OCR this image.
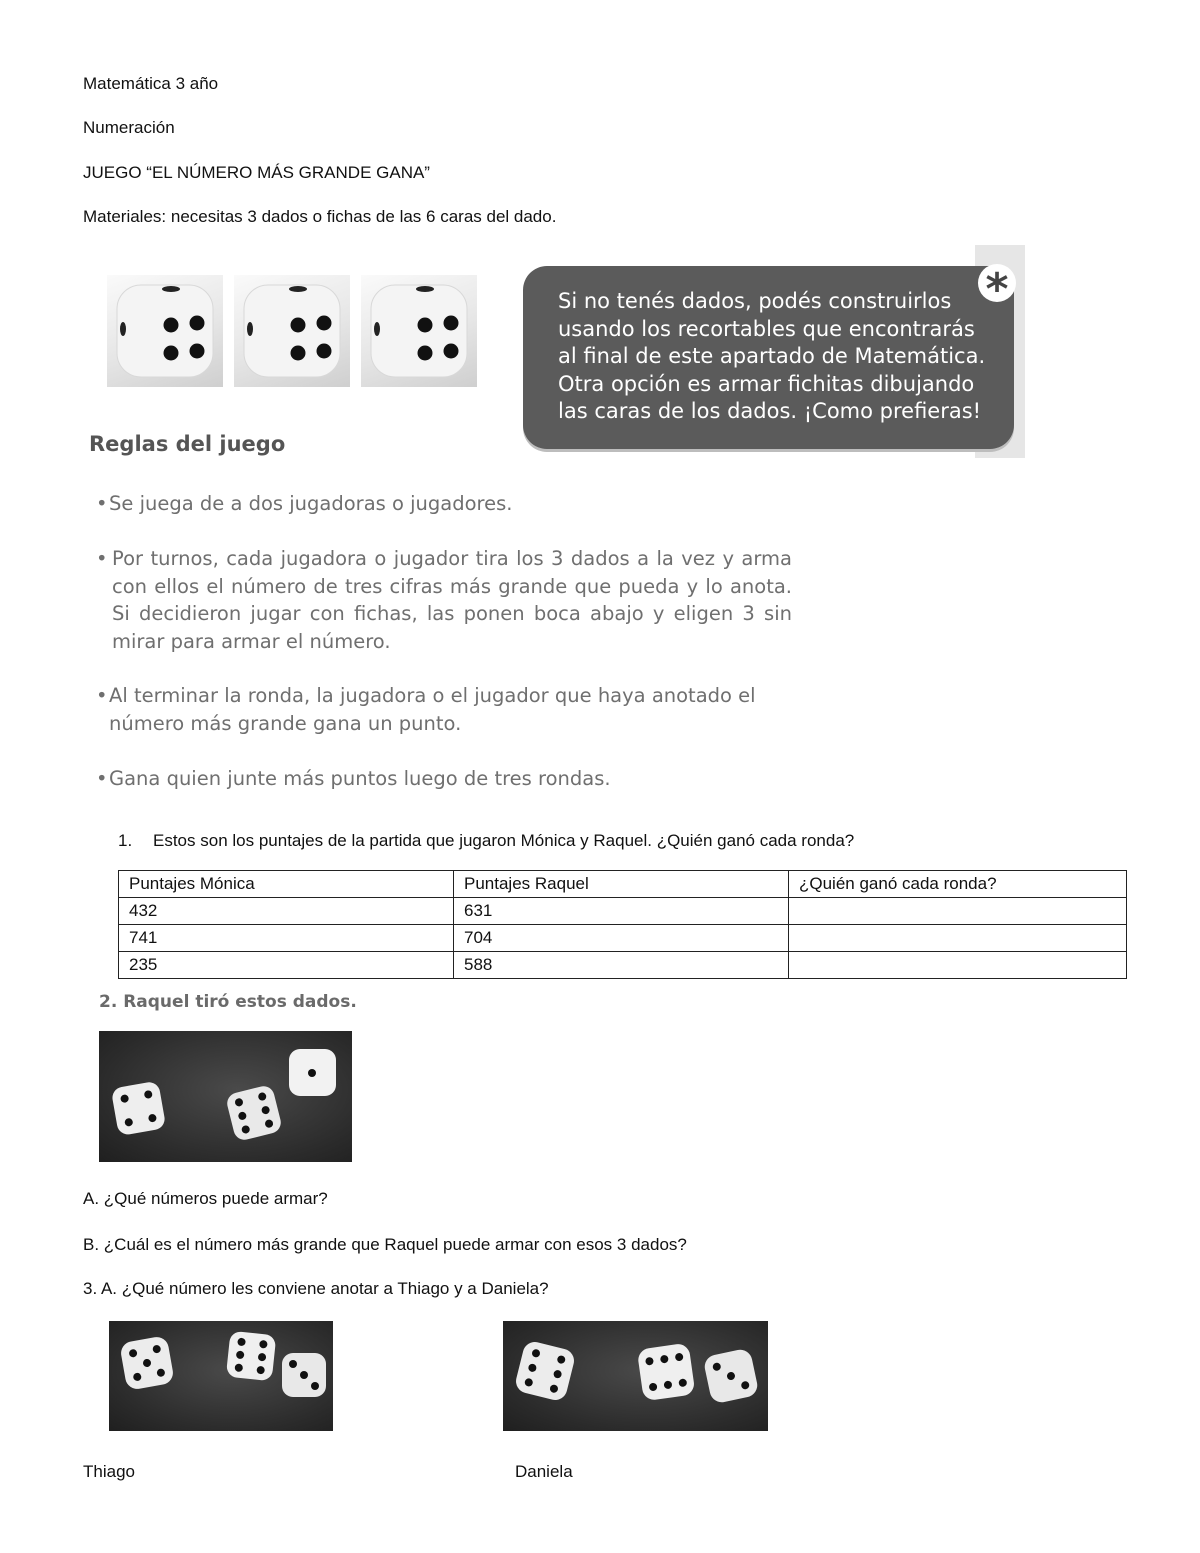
Matemática 3 año
Numeración
JUEGO “EL NÚMERO MÁS GRANDE GANA”
Materiales: necesitas 3 dados o fichas de las 6 caras del dado.
Si no tenés dados, podés construirlos usando los recortables que encontrarás al final de este apartado de Matemática. Otra opción es armar fichitas dibujando las caras de los dados. ¡Como prefieras!
*
Reglas del juego
• Se juega de a dos jugadoras o jugadores.
• Por turnos, cada jugadora o jugador tira los 3 dados a la vez y arma con ellos el número de tres cifras más grande que pueda y lo anota. Si decidieron jugar con fichas, las ponen boca abajo y eligen 3 sin mirar para armar el número.
• Al terminar la ronda, la jugadora o el jugador que haya anotado el número más grande gana un punto.
• Gana quien junte más puntos luego de tres rondas.
1. Estos son los puntajes de la partida que jugaron Mónica y Raquel. ¿Quién ganó cada ronda?
Puntajes Mónica	Puntajes Raquel	¿Quién ganó cada ronda?
432	631	
741	704	
235	588	
2. Raquel tiró estos dados.
A. ¿Qué números puede armar?
B. ¿Cuál es el número más grande que Raquel puede armar con esos 3 dados?
3. A. ¿Qué número les conviene anotar a Thiago y a Daniela?
Thiago	Daniela
